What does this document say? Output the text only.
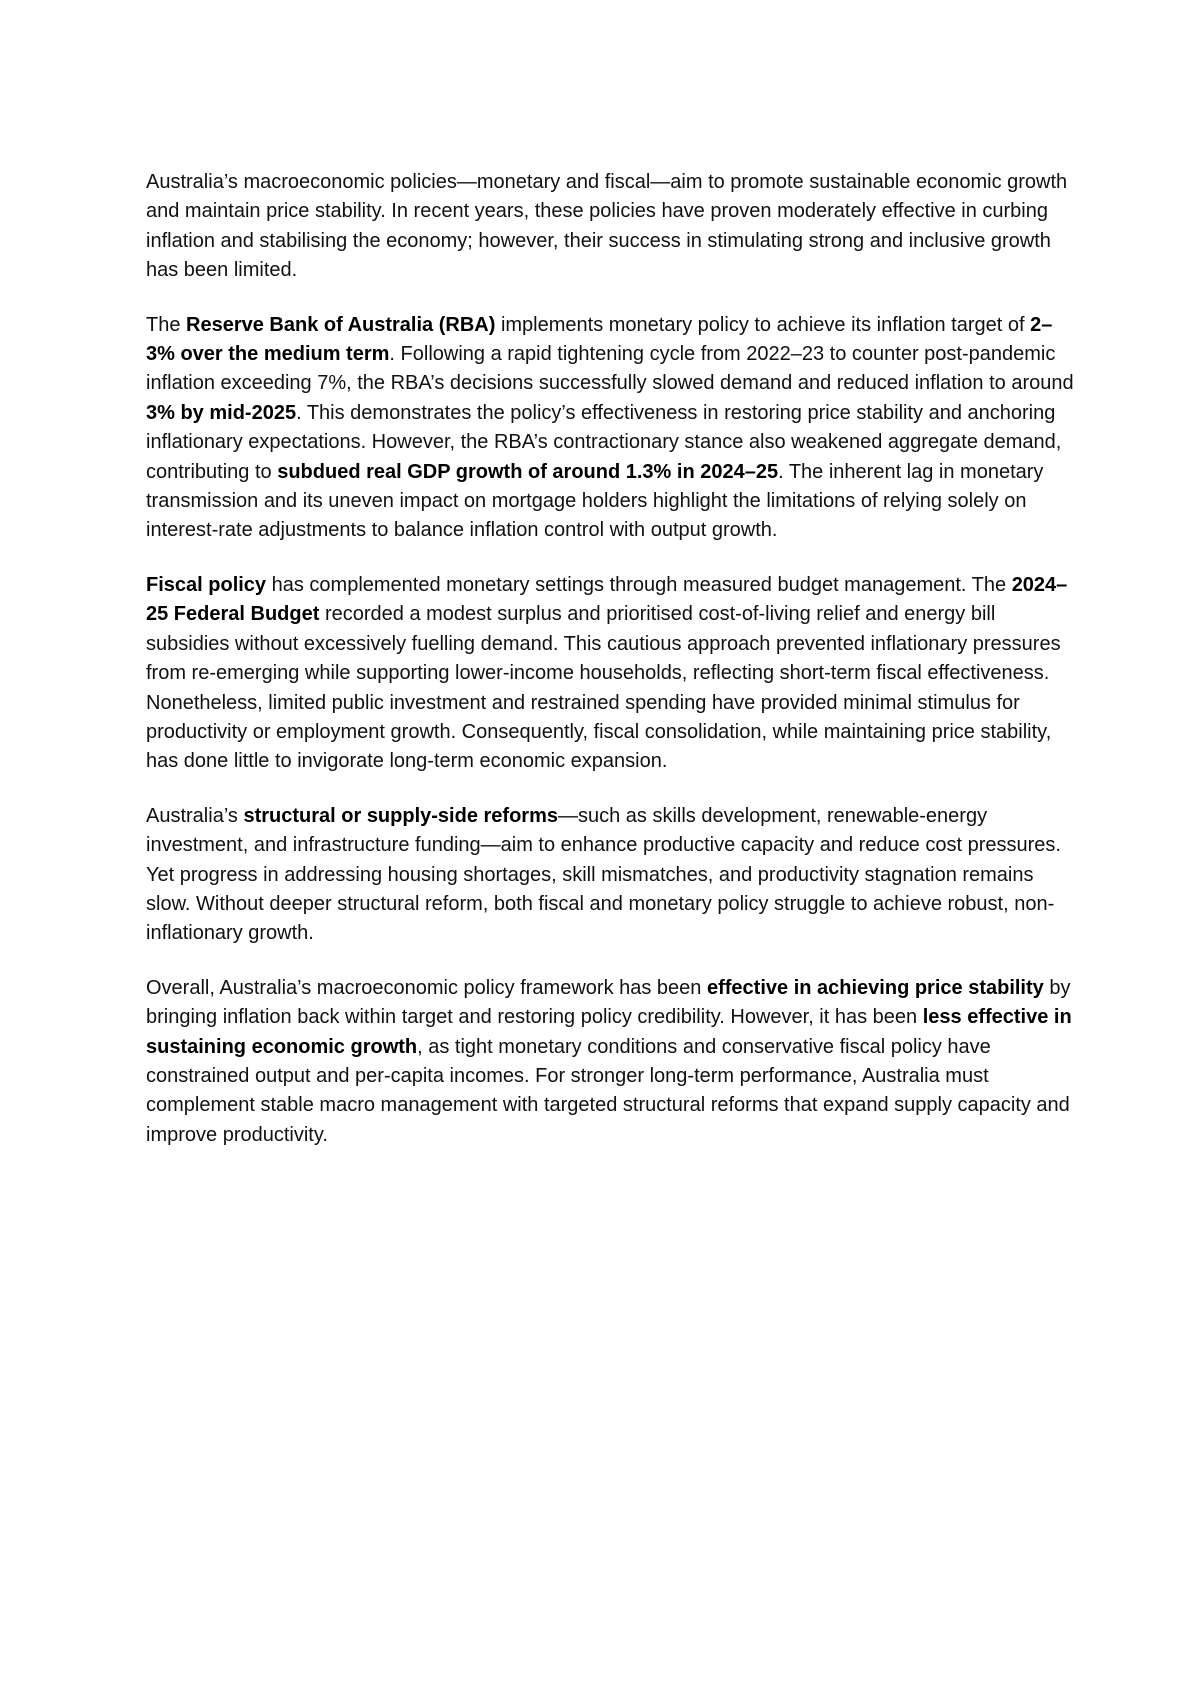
Australia’s macroeconomic policies—monetary and fiscal—aim to promote sustainable economic growth and maintain price stability. In recent years, these policies have proven moderately effective in curbing inflation and stabilising the economy; however, their success in stimulating strong and inclusive growth has been limited.

The Reserve Bank of Australia (RBA) implements monetary policy to achieve its inflation target of 2–3% over the medium term. Following a rapid tightening cycle from 2022–23 to counter post-pandemic inflation exceeding 7%, the RBA’s decisions successfully slowed demand and reduced inflation to around 3% by mid-2025. This demonstrates the policy’s effectiveness in restoring price stability and anchoring inflationary expectations. However, the RBA’s contractionary stance also weakened aggregate demand, contributing to subdued real GDP growth of around 1.3% in 2024–25. The inherent lag in monetary transmission and its uneven impact on mortgage holders highlight the limitations of relying solely on interest-rate adjustments to balance inflation control with output growth.

Fiscal policy has complemented monetary settings through measured budget management. The 2024–25 Federal Budget recorded a modest surplus and prioritised cost-of-living relief and energy bill subsidies without excessively fuelling demand. This cautious approach prevented inflationary pressures from re-emerging while supporting lower-income households, reflecting short-term fiscal effectiveness. Nonetheless, limited public investment and restrained spending have provided minimal stimulus for productivity or employment growth. Consequently, fiscal consolidation, while maintaining price stability, has done little to invigorate long-term economic expansion.

Australia’s structural or supply-side reforms—such as skills development, renewable-energy investment, and infrastructure funding—aim to enhance productive capacity and reduce cost pressures. Yet progress in addressing housing shortages, skill mismatches, and productivity stagnation remains slow. Without deeper structural reform, both fiscal and monetary policy struggle to achieve robust, non-inflationary growth.

Overall, Australia’s macroeconomic policy framework has been effective in achieving price stability by bringing inflation back within target and restoring policy credibility. However, it has been less effective in sustaining economic growth, as tight monetary conditions and conservative fiscal policy have constrained output and per-capita incomes. For stronger long-term performance, Australia must complement stable macro management with targeted structural reforms that expand supply capacity and improve productivity.
